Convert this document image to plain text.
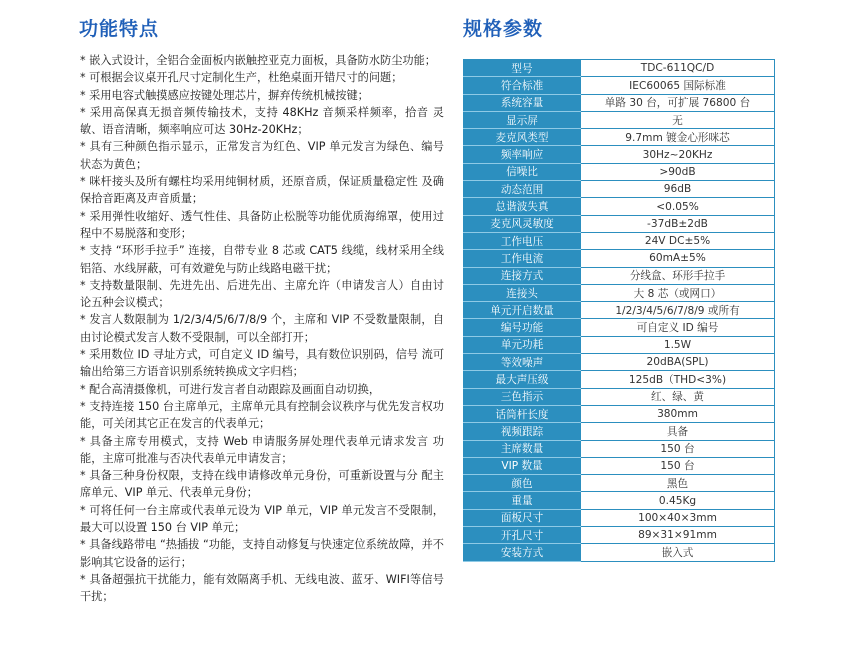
功能特点	规格参数

* 嵌入式设计，全铝合金面板内嵌触控亚克力面板，具备防水防尘功能；

* 可根据会议桌开孔尺寸定制化生产，杜绝桌面开错尺寸的问题；

* 采用电容式触摸感应按键处理芯片，摒弃传统机械按键；

* 采用高保真无损音频传输技术，支持 48KHz 音频采样频率，拾音 灵敏、语音清晰，频率响应可达 30Hz-20KHz；

* 具有三种颜色指示显示，正常发言为红色、VIP 单元发言为绿色、编号状态为黄色；

* 咪杆接头及所有螺柱均采用纯铜材质，还原音质，保证质量稳定性 及确保拾音距离及声音质量；

* 采用弹性收缩好、透气性佳、具备防止松脱等功能优质海绵罩，使用过程中不易脱落和变形；

* 支持 “环形手拉手” 连接，自带专业 8 芯或 CAT5 线缆，线材采用全线铝箔、水线屏蔽，可有效避免与防止线路电磁干扰；

* 支持数量限制、先进先出、后进先出、主席允许（申请发言人）自由讨论五种会议模式；

* 发言人数限制为 1/2/3/4/5/6/7/8/9 个，主席和 VIP 不受数量限制，自由讨论模式发言人数不受限制，可以全部打开；

* 采用数位 ID 寻址方式，可自定义 ID 编号，具有数位识别码，信号 流可输出给第三方语音识别系统转换成文字归档；

* 配合高清摄像机，可进行发言者自动跟踪及画面自动切换，

* 支持连接 150 台主席单元，主席单元具有控制会议秩序与优先发言权功能，可关闭其它正在发言的代表单元；

* 具备主席专用模式，支持 Web 申请服务屏处理代表单元请求发言 功能，主席可批准与否决代表单元申请发言；

* 具备三种身份权限，支持在线申请修改单元身份，可重新设置与分 配主席单元、VIP 单元、代表单元身份；

* 可将任何一台主席或代表单元设为 VIP 单元，VIP 单元发言不受限制，最大可以设置 150 台 VIP 单元；

* 具备线路带电 “热插拔 “功能，支持自动修复与快速定位系统故障，并不影响其它设备的运行；

* 具备超强抗干扰能力，能有效隔离手机、无线电波、蓝牙、WIFI等信号干扰；

型号	TDC-611QC/D
符合标准	IEC60065 国际标准
系统容量	单路 30 台，可扩展 76800 台
显示屏	无
麦克风类型	9.7mm 镀金心形咪芯
频率响应	30Hz~20KHz
信噪比	>90dB
动态范围	96dB
总谐波失真	<0.05%
麦克风灵敏度	-37dB±2dB
工作电压	24V DC±5%
工作电流	60mA±5%
连接方式	分线盒、环形手拉手
连接头	大 8 芯（或网口）
单元开启数量	1/2/3/4/5/6/7/8/9 或所有
编号功能	可自定义 ID 编号
单元功耗	1.5W
等效噪声	20dBA(SPL)
最大声压级	125dB（THD<3%)
三色指示	红、绿、黄
话筒杆长度	380mm
视频跟踪	具备
主席数量	150 台
VIP 数量	150 台
颜色	黑色
重量	0.45Kg
面板尺寸	100×40×3mm
开孔尺寸	89×31×91mm
安装方式	嵌入式
